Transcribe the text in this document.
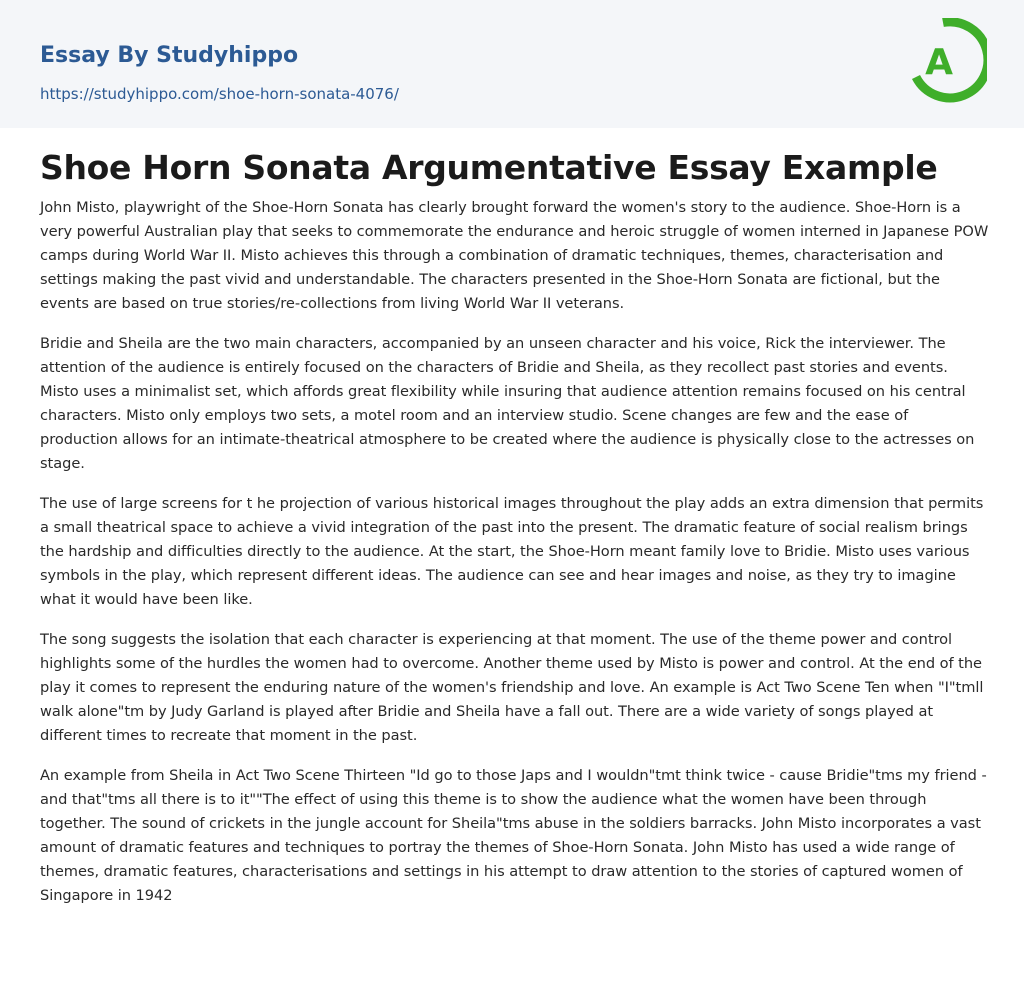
Essay By Studyhippo
https://studyhippo.com/shoe-horn-sonata-4076/
A
Shoe Horn Sonata Argumentative Essay Example

John Misto, playwright of the Shoe-Horn Sonata has clearly brought forward the women's story to the audience. Shoe-Horn is a very powerful Australian play that seeks to commemorate the endurance and heroic struggle of women interned in Japanese POW camps during World War II. Misto achieves this through a combination of dramatic techniques, themes, characterisation and settings making the past vivid and understandable. The characters presented in the Shoe-Horn Sonata are fictional, but the events are based on true stories/re-collections from living World War II veterans.

Bridie and Sheila are the two main characters, accompanied by an unseen character and his voice, Rick the interviewer. The attention of the audience is entirely focused on the characters of Bridie and Sheila, as they recollect past stories and events. Misto uses a minimalist set, which affords great flexibility while insuring that audience attention remains focused on his central characters. Misto only employs two sets, a motel room and an interview studio. Scene changes are few and the ease of production allows for an intimate-theatrical atmosphere to be created where the audience is physically close to the actresses on stage.

The use of large screens for t he projection of various historical images throughout the play adds an extra dimension that permits a small theatrical space to achieve a vivid integration of the past into the present. The dramatic feature of social realism brings the hardship and difficulties directly to the audience. At the start, the Shoe-Horn meant family love to Bridie. Misto uses various symbols in the play, which represent different ideas. The audience can see and hear images and noise, as they try to imagine what it would have been like.

The song suggests the isolation that each character is experiencing at that moment. The use of the theme power and control highlights some of the hurdles the women had to overcome. Another theme used by Misto is power and control. At the end of the play it comes to represent the enduring nature of the women's friendship and love. An example is Act Two Scene Ten when "I"tmll walk alone"tm by Judy Garland is played after Bridie and Sheila have a fall out. There are a wide variety of songs played at different times to recreate that moment in the past.

An example from Sheila in Act Two Scene Thirteen "Id go to those Japs and I wouldn"tmt think twice - cause Bridie"tms my friend - and that"tms all there is to it""The effect of using this theme is to show the audience what the women have been through together. The sound of crickets in the jungle account for Sheila"tms abuse in the soldiers barracks. John Misto incorporates a vast amount of dramatic features and techniques to portray the themes of Shoe-Horn Sonata. John Misto has used a wide range of themes, dramatic features, characterisations and settings in his attempt to draw attention to the stories of captured women of Singapore in 1942
